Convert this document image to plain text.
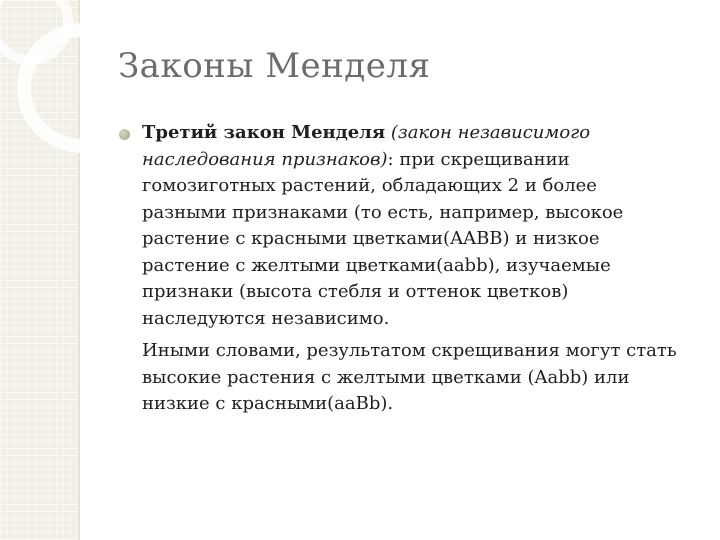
Законы Менделя

Третий закон Менделя (закон независимого наследования признаков): при скрещивании гомозиготных растений, обладающих 2 и более разными признаками (то есть, например, высокое растение с красными цветками(AABB) и низкое растение с желтыми цветками(aabb), изучаемые признаки (высота стебля и оттенок цветков) наследуются независимо.

Иными словами, результатом скрещивания могут стать высокие растения с желтыми цветками (Aabb) или низкие с красными(aaBb).
